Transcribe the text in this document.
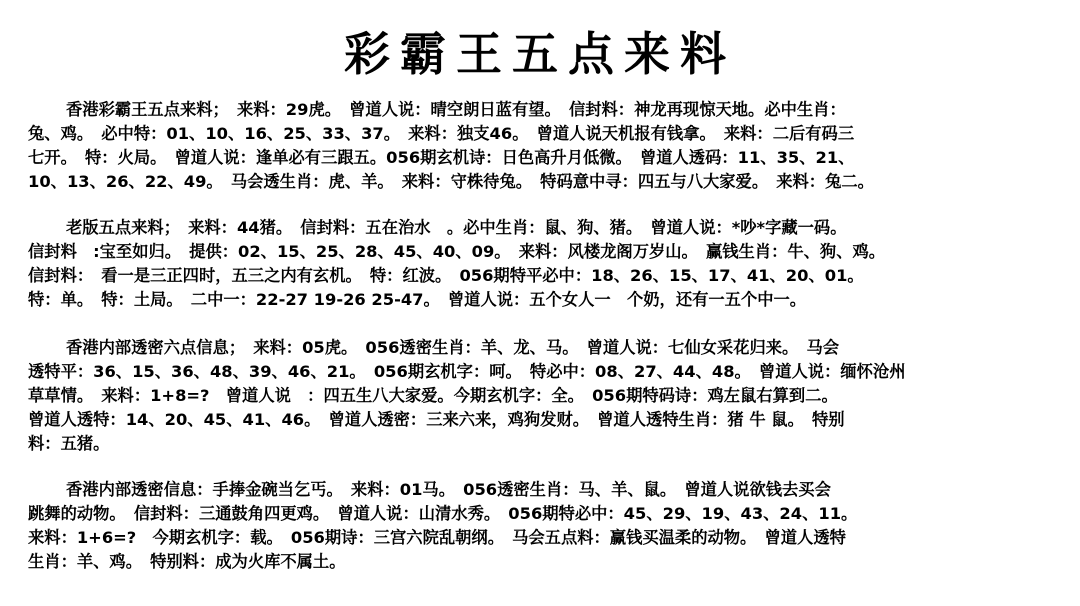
彩霸王五点来料
香港彩霸王五点来料；　来料：29虎。　曾道人说：晴空朗日蓝有望。　信封料：神龙再现惊天地。必中生肖：
兔、鸡。　必中特：01、10、16、25、33、37。　来料：独支46。　曾道人说天机报有钱拿。　来料：二后有码三
七开。　特：火局。　曾道人说：逢单必有三跟五。056期玄机诗：日色高升月低微。　曾道人透码：11、35、21、
10、13、26、22、49。　马会透生肖：虎、羊。　来料：守株待兔。　特码意中寻：四五与八大家爱。　来料：兔二。
老版五点来料；　来料：44猪。　信封料：五在治水　。必中生肖：鼠、狗、猪。　曾道人说：*吵*字藏一码。
信封料　:宝至如归。　提供：02、15、25、28、45、40、09。　来料：风楼龙阁万岁山。　赢钱生肖：牛、狗、鸡。
信封料：　看一是三正四时，五三之内有玄机。　特：红波。　056期特平必中：18、26、15、17、41、20、01。
特：单。　特：土局。　二中一：22-27 19-26 25-47。　曾道人说：五个女人一　个奶，还有一五个中一。
香港内部透密六点信息；　来料：05虎。　056透密生肖：羊、龙、马。　曾道人说：七仙女采花归来。　马会
透特平：36、15、36、48、39、46、21。　056期玄机字：呵。　特必中：08、27、44、48。　曾道人说：缅怀沧州
草草情。　来料：1+8=?　曾道人说　：四五生八大家爱。今期玄机字：全。　056期特码诗：鸡左鼠右算到二。
曾道人透特：14、20、45、41、46。　曾道人透密：三来六来，鸡狗发财。　曾道人透特生肖：猪 牛 鼠。　特别
料：五猪。
香港内部透密信息：手捧金碗当乞丐。　来料：01马。　056透密生肖：马、羊、鼠。　曾道人说欲钱去买会
跳舞的动物。　信封料：三通鼓角四更鸡。　曾道人说：山清水秀。　056期特必中：45、29、19、43、24、11。
来料：1+6=?　今期玄机字：载。　056期诗：三宫六院乱朝纲。　马会五点料：赢钱买温柔的动物。　曾道人透特
生肖：羊、鸡。　特别料：成为火库不属土。
